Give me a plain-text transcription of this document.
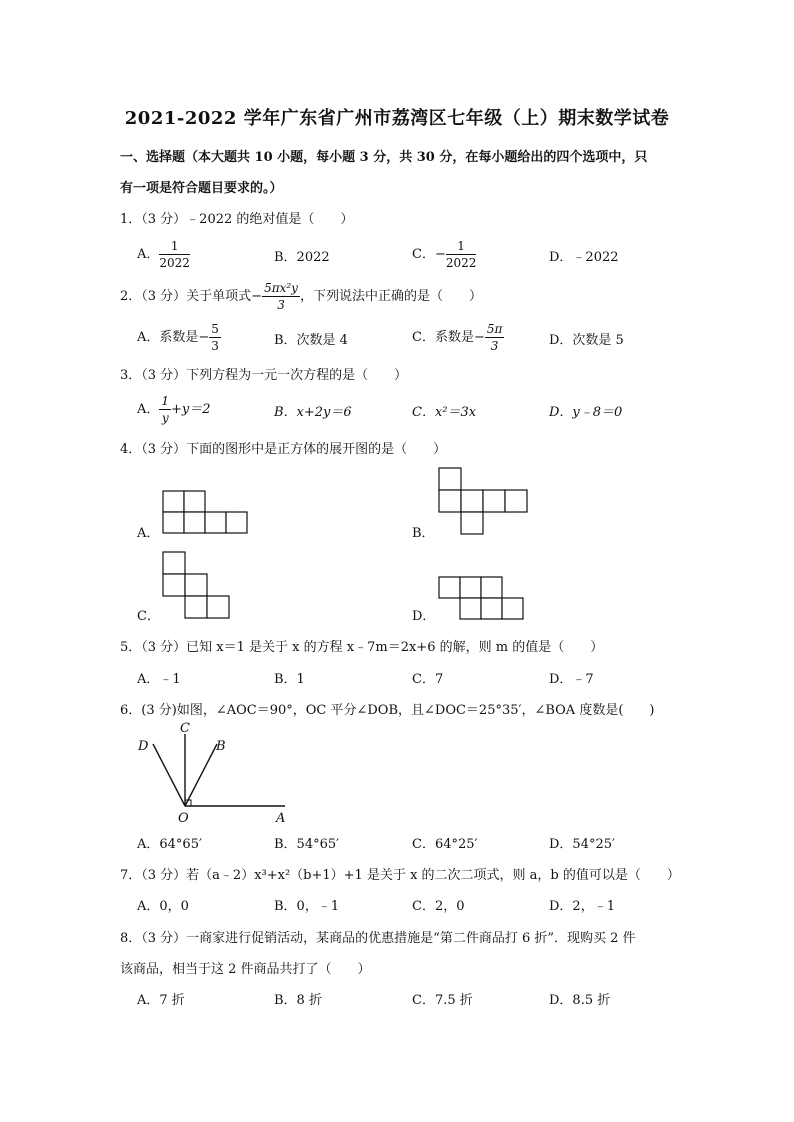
2021-2022 学年广东省广州市荔湾区七年级（上）期末数学试卷
一、选择题（本大题共 10 小题，每小题 3 分，共 30 分，在每小题给出的四个选项中，只
有一项是符合题目要求的。）
1．（3 分）﹣2022 的绝对值是（　　）
A． $\frac{1}{2022}$	B．2022	C．− $\frac{1}{2022}$	D．﹣2022
2．（3 分）关于单项式− $\frac{\text{5πx²y}}{3}$ ，下列说法中正确的是（　　）
A．系数是− $\frac{5}{3}$	B．次数是 4	C．系数是− $\frac{5\pi}{3}$	D．次数是 5
3．（3 分）下列方程为一元一次方程的是（　　）
A． $\frac{1}{y} +y=2$	B．x+2y＝6	C．x²＝3x	D．y﹣8＝0
4．（3 分）下面的图形中是正方体的展开图的是（　　）
A．	B．
C．	D．
5．（3 分）已知 x＝1 是关于 x 的方程 x﹣7m＝2x+6 的解，则 m 的值是（　　）
A．﹣1	B．1	C．7	D．﹣7
6．(3 分)如图，∠AOC＝90°，OC 平分∠DOB，且∠DOC＝25°35′，∠BOA 度数是(　　)
C
D	B
O	A
A．64°65′	B．54°65′	C．64°25′	D．54°25′
7．（3 分）若（a﹣2）x³+x²（b+1）+1 是关于 x 的二次二项式，则 a，b 的值可以是（　　）
A．0，0	B．0，﹣1	C．2，0	D．2，﹣1
8．（3 分）一商家进行促销活动，某商品的优惠措施是“第二件商品打 6 折”．现购买 2 件
该商品，相当于这 2 件商品共打了（　　）
A．7 折	B．8 折	C．7.5 折	D．8.5 折
